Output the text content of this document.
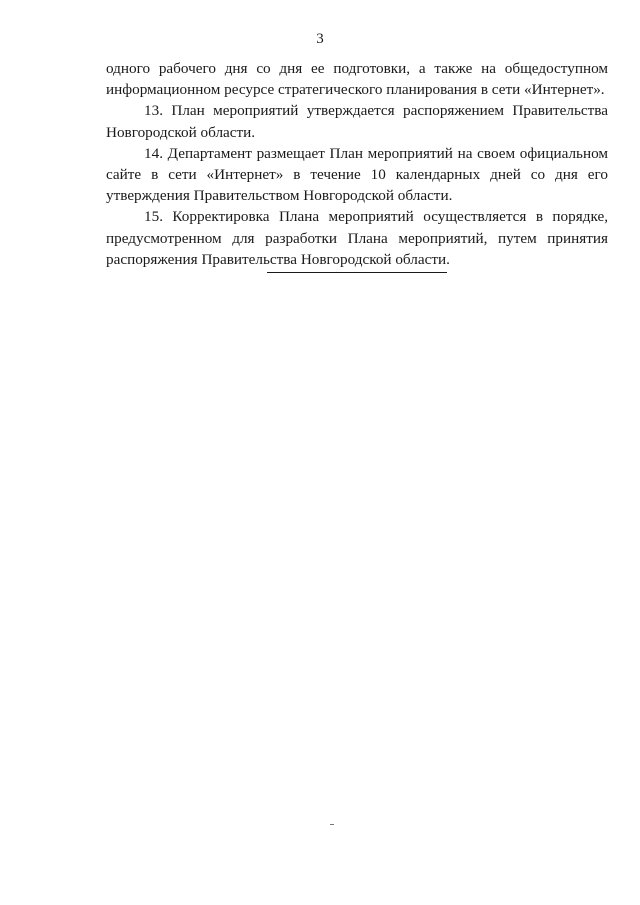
3

одного рабочего дня со дня ее подготовки, а также на общедоступном информационном ресурсе стратегического планирования в сети «Интернет».

13. План мероприятий утверждается распоряжением Правительства Новгородской области.

14. Департамент размещает План мероприятий на своем официальном сайте в сети «Интернет» в течение 10 календарных дней со дня его утверждения Правительством Новгородской области.

15. Корректировка Плана мероприятий осуществляется в порядке, предусмотренном для разработки Плана мероприятий, путем принятия распоряжения Правительства Новгородской области.
